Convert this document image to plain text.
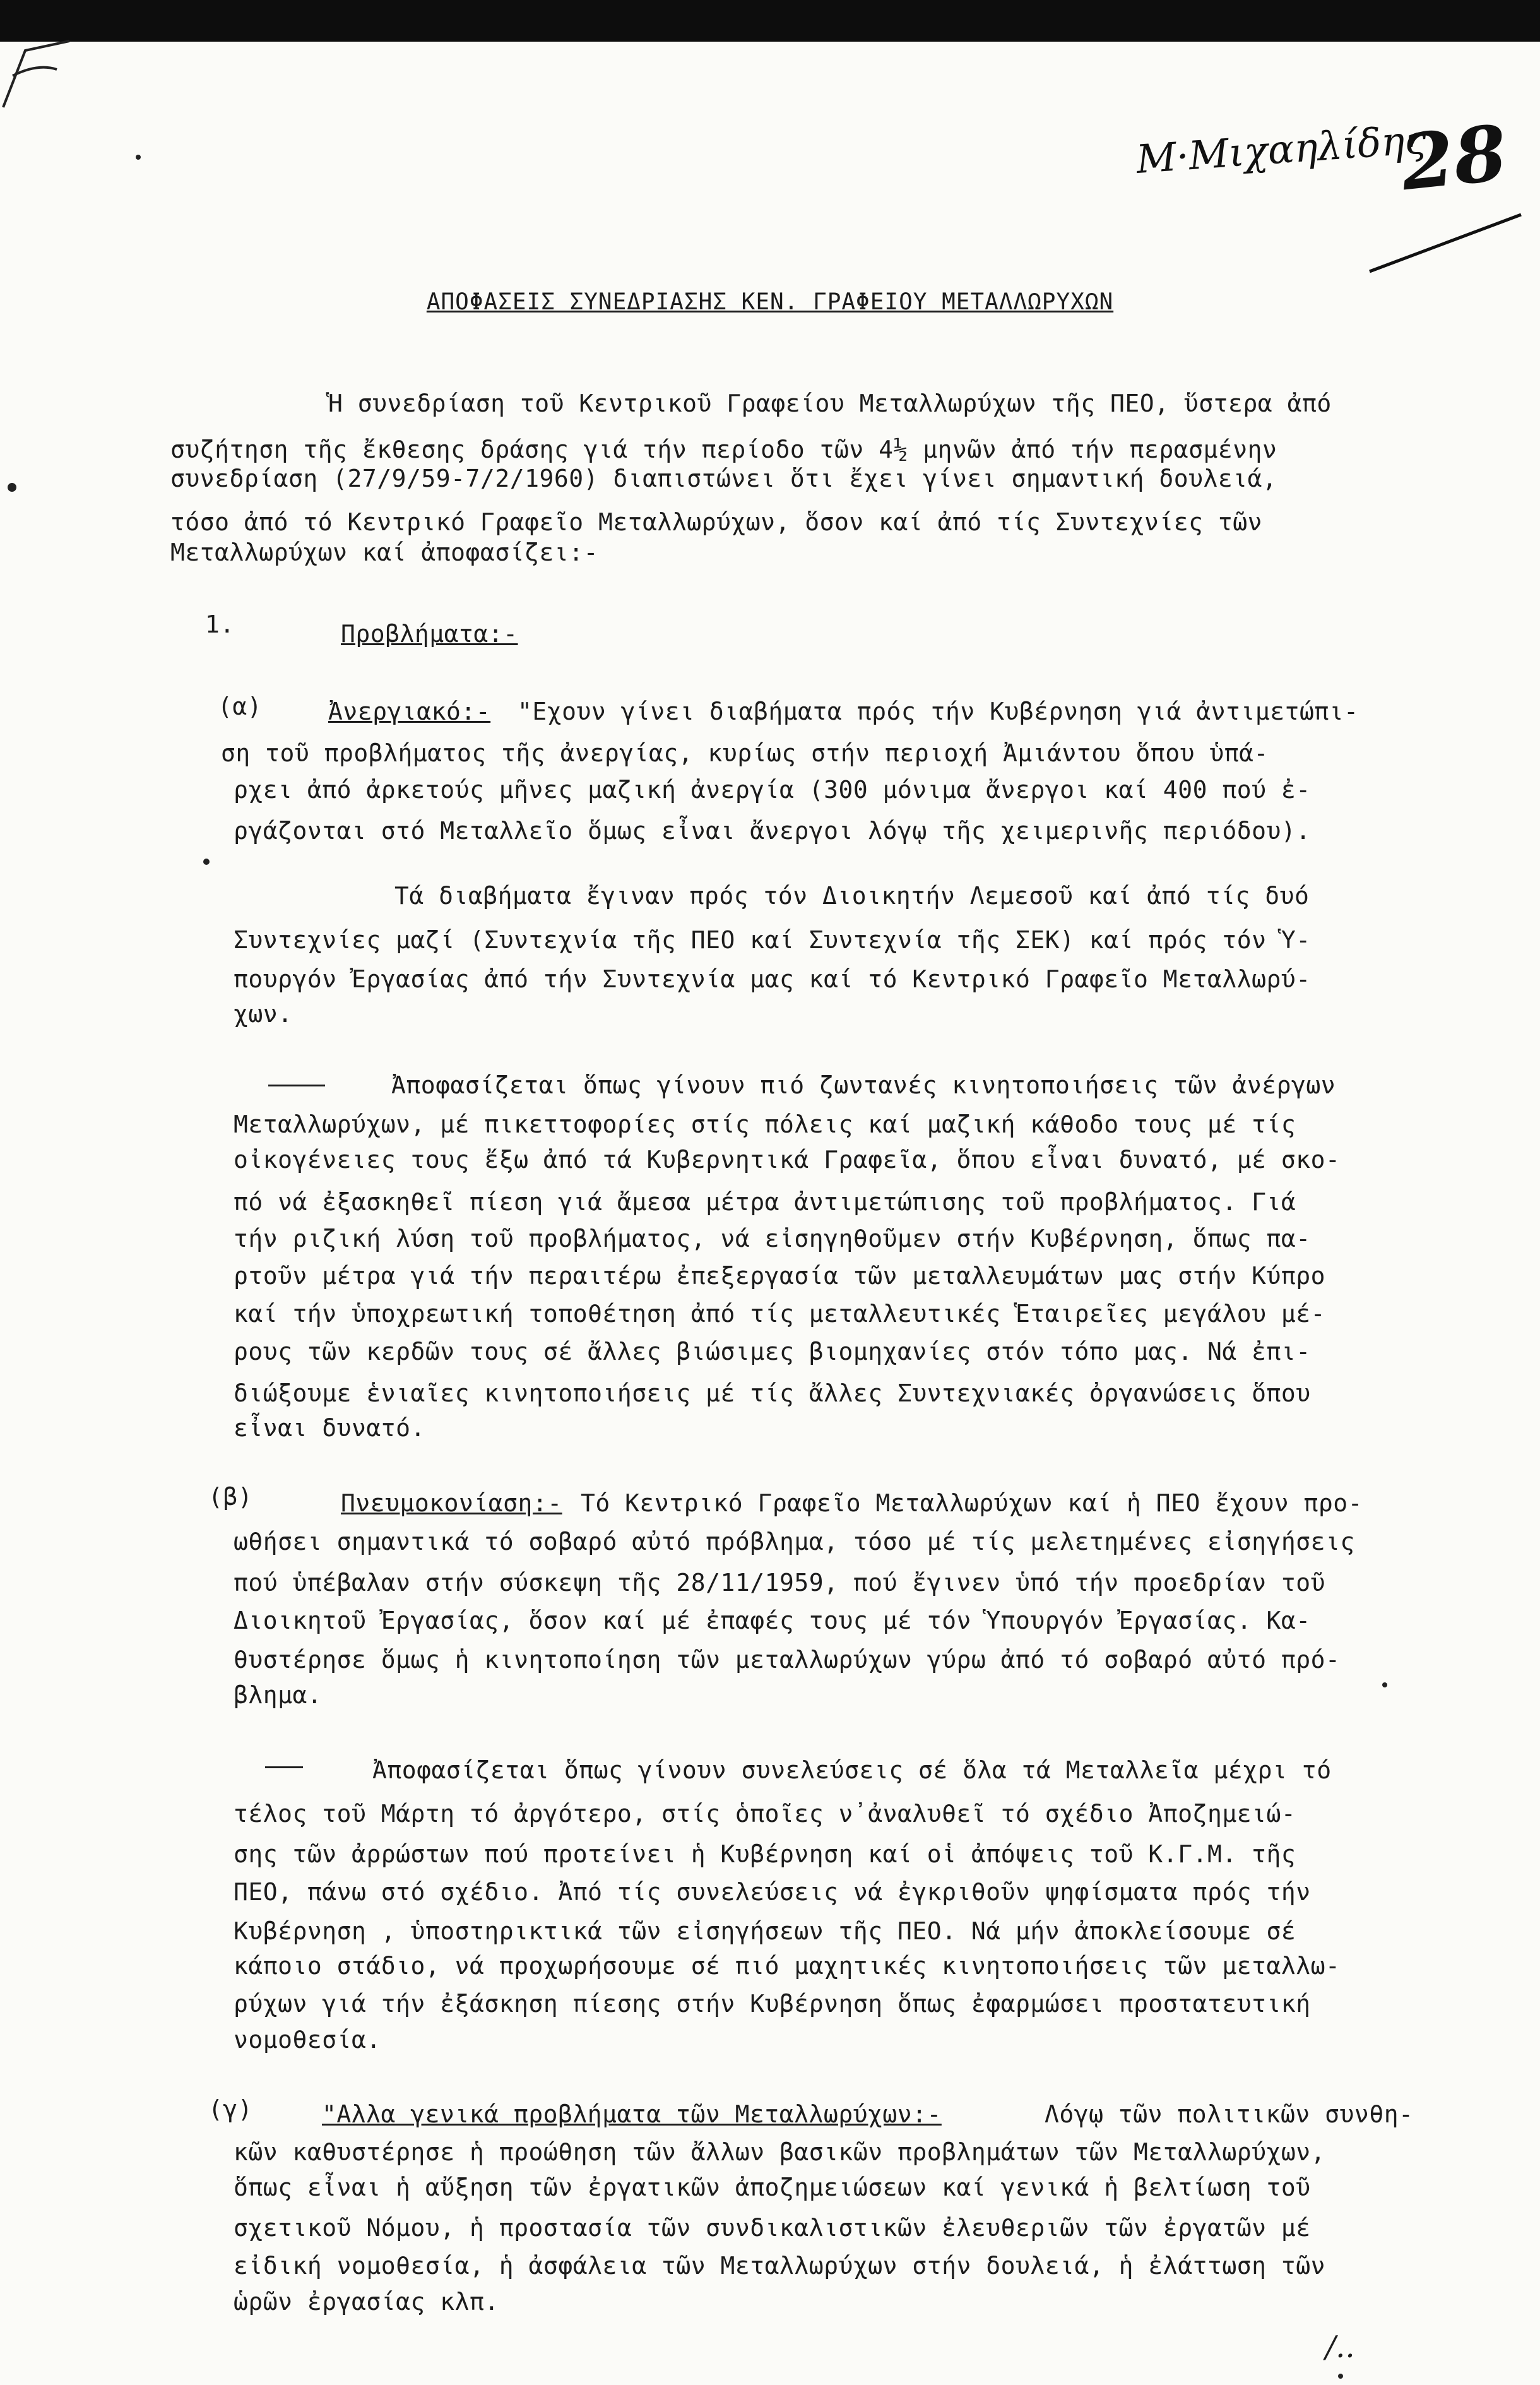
Μ·Μιχαηλίδης
28
ΑΠΟΦΑΣΕΙΣ ΣΥΝΕΔΡΙΑΣΗΣ ΚΕΝ. ΓΡΑΦΕΙΟΥ ΜΕΤΑΛΛΩΡΥΧΩΝ
Ἡ συνεδρίαση τοῦ Κεντρικοῦ Γραφείου Μεταλλωρύχων τῆς ΠΕΟ, ὕστερα ἀπό
συζήτηση τῆς ἔκθεσης δράσης γιά τήν περίοδο τῶν 4½ μηνῶν ἀπό τήν περασμένην
συνεδρίαση (27/9/59-7/2/1960) διαπιστώνει ὅτι ἔχει γίνει σημαντική δουλειά,
τόσο ἀπό τό Κεντρικό Γραφεῖο Μεταλλωρύχων, ὅσον καί ἀπό τίς Συντεχνίες τῶν
Μεταλλωρύχων καί ἀποφασίζει:-
1.	Προβλήματα:-
(α)	Ἀνεργιακό:- "Εχουν γίνει διαβήματα πρός τήν Κυβέρνηση γιά ἀντιμετώπι-
ση τοῦ προβλήματος τῆς ἀνεργίας, κυρίως στήν περιοχή Ἀμιάντου ὅπου ὑπά-
ρχει ἀπό ἀρκετούς μῆνες μαζική ἀνεργία (300 μόνιμα ἄνεργοι καί 400 πού ἐ-
ργάζονται στό Μεταλλεῖο ὅμως εἶναι ἄνεργοι λόγῳ τῆς χειμερινῆς περιόδου).
Τά διαβήματα ἔγιναν πρός τόν Διοικητήν Λεμεσοῦ καί ἀπό τίς δυό
Συντεχνίες μαζί (Συντεχνία τῆς ΠΕΟ καί Συντεχνία τῆς ΣΕΚ) καί πρός τόν Ὑ-
πουργόν Ἐργασίας ἀπό τήν Συντεχνία μας καί τό Κεντρικό Γραφεῖο Μεταλλωρύ-
χων.
Ἀποφασίζεται ὅπως γίνουν πιό ζωντανές κινητοποιήσεις τῶν ἀνέργων
Μεταλλωρύχων, μέ πικεττοφορίες στίς πόλεις καί μαζική κάθοδο τους μέ τίς
οἰκογένειες τους ἔξω ἀπό τά Κυβερνητικά Γραφεῖα, ὅπου εἶναι δυνατό, μέ σκο-
πό νά ἐξασκηθεῖ πίεση γιά ἄμεσα μέτρα ἀντιμετώπισης τοῦ προβλήματος. Γιά
τήν ριζική λύση τοῦ προβλήματος, νά εἰσηγηθοῦμεν στήν Κυβέρνηση, ὅπως πα-
ρτοῦν μέτρα γιά τήν περαιτέρω ἐπεξεργασία τῶν μεταλλευμάτων μας στήν Κύπρο
καί τήν ὑποχρεωτική τοποθέτηση ἀπό τίς μεταλλευτικές Ἑταιρεῖες μεγάλου μέ-
ρους τῶν κερδῶν τους σέ ἄλλες βιώσιμες βιομηχανίες στόν τόπο μας. Νά ἐπι-
διώξουμε ἑνιαῖες κινητοποιήσεις μέ τίς ἄλλες Συντεχνιακές ὀργανώσεις ὅπου
εἶναι δυνατό.
(β)	Πνευμοκονίαση:- Τό Κεντρικό Γραφεῖο Μεταλλωρύχων καί ἡ ΠΕΟ ἔχουν προ-
ωθήσει σημαντικά τό σοβαρό αὐτό πρόβλημα, τόσο μέ τίς μελετημένες εἰσηγήσεις
πού ὑπέβαλαν στήν σύσκεψη τῆς 28/11/1959, πού ἔγινεν ὑπό τήν προεδρίαν τοῦ
Διοικητοῦ Ἐργασίας, ὅσον καί μέ ἐπαφές τους μέ τόν Ὑπουργόν Ἐργασίας. Κα-
θυστέρησε ὅμως ἡ κινητοποίηση τῶν μεταλλωρύχων γύρω ἀπό τό σοβαρό αὐτό πρό-
βλημα.
Ἀποφασίζεται ὅπως γίνουν συνελεύσεις σέ ὅλα τά Μεταλλεῖα μέχρι τό
τέλος τοῦ Μάρτη τό ἀργότερο, στίς ὁποῖες ν᾽ἀναλυθεῖ τό σχέδιο Ἀποζημειώ-
σης τῶν ἀρρώστων πού προτείνει ἡ Κυβέρνηση καί οἱ ἀπόψεις τοῦ Κ.Γ.Μ. τῆς
ΠΕΟ, πάνω στό σχέδιο. Ἀπό τίς συνελεύσεις νά ἐγκριθοῦν ψηφίσματα πρός τήν
Κυβέρνηση , ὑποστηρικτικά τῶν εἰσηγήσεων τῆς ΠΕΟ. Νά μήν ἀποκλείσουμε σέ
κάποιο στάδιο, νά προχωρήσουμε σέ πιό μαχητικές κινητοποιήσεις τῶν μεταλλω-
ρύχων γιά τήν ἐξάσκηση πίεσης στήν Κυβέρνηση ὅπως ἐφαρμώσει προστατευτική
νομοθεσία.
(γ)	"Αλλα γενικά προβλήματα τῶν Μεταλλωρύχων:-	Λόγῳ τῶν πολιτικῶν συνθη-
κῶν καθυστέρησε ἡ προώθηση τῶν ἄλλων βασικῶν προβλημάτων τῶν Μεταλλωρύχων,
ὅπως εἶναι ἡ αὔξηση τῶν ἐργατικῶν ἀποζημειώσεων καί γενικά ἡ βελτίωση τοῦ
σχετικοῦ Νόμου, ἡ προστασία τῶν συνδικαλιστικῶν ἐλευθεριῶν τῶν ἐργατῶν μέ
εἰδική νομοθεσία, ἡ ἀσφάλεια τῶν Μεταλλωρύχων στήν δουλειά, ἡ ἐλάττωση τῶν
ὡρῶν ἐργασίας κλπ.
/..
